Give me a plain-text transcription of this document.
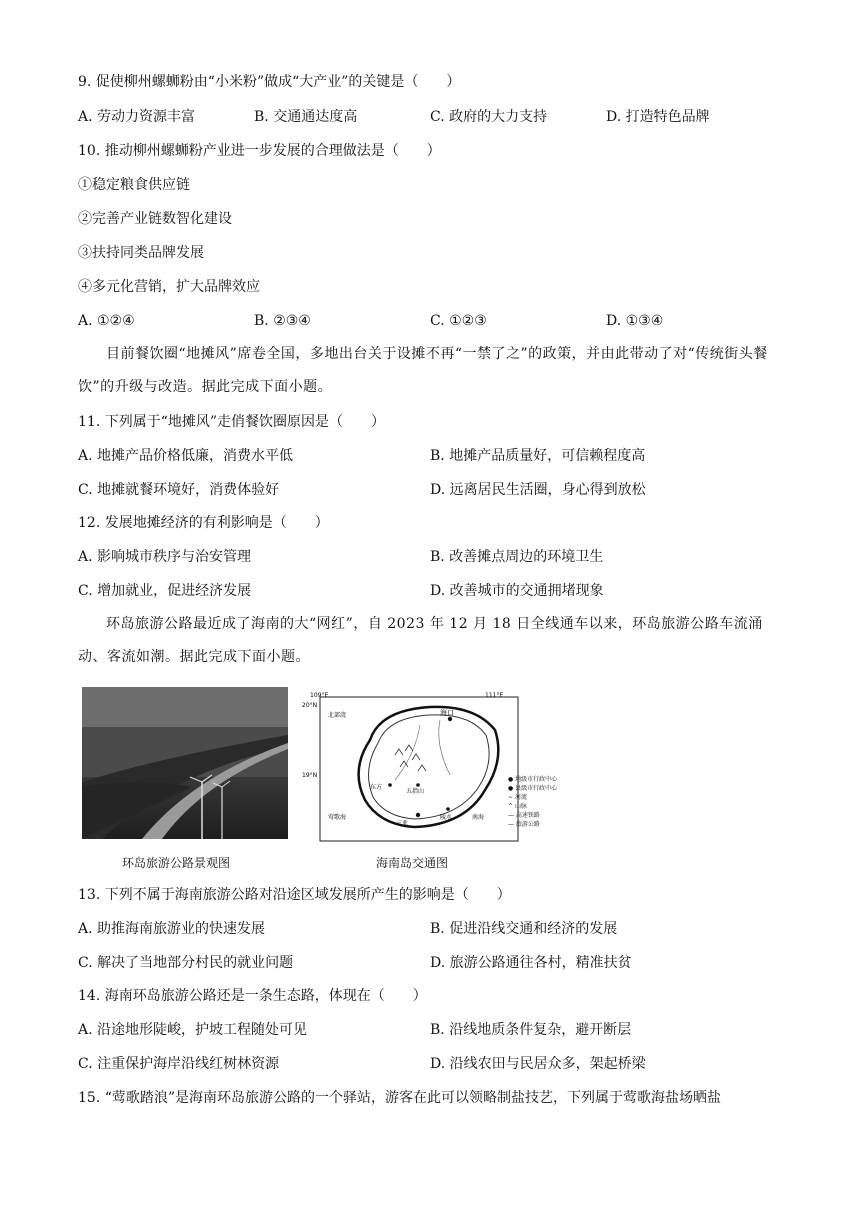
9. 促使柳州螺蛳粉由“小米粉”做成“大产业”的关键是（　　）
A. 劳动力资源丰富	B. 交通通达度高	C. 政府的大力支持	D. 打造特色品牌
10. 推动柳州螺蛳粉产业进一步发展的合理做法是（　　）
①稳定粮食供应链
②完善产业链数智化建设
③扶持同类品牌发展
④多元化营销，扩大品牌效应
A. ①②④	B. ②③④	C. ①②③	D. ①③④
目前餐饮圈“地摊风”席卷全国，多地出台关于设摊不再“一禁了之”的政策，并由此带动了对“传统街头餐饮”的升级与改造。据此完成下面小题。
11. 下列属于“地摊风”走俏餐饮圈原因是（　　）
A. 地摊产品价格低廉，消费水平低	B. 地摊产品质量好，可信赖程度高
C. 地摊就餐环境好，消费体验好	D. 远离居民生活圈，身心得到放松
12. 发展地摊经济的有利影响是（　　）
A. 影响城市秩序与治安管理	B. 改善摊点周边的环境卫生
C. 增加就业，促进经济发展	D. 改善城市的交通拥堵现象
环岛旅游公路最近成了海南的大“网红”，自 2023 年 12 月 18 日全线通车以来，环岛旅游公路车流涌动、客流如潮。据此完成下面小题。
环岛旅游公路景观图
109°E	111°E
20°N
19°N
海口
北部湾
东方
五指山
三亚
陵水
莺歌海	南海
● 地级市行政中心
● 县级市行政中心
~ 河流
^ 山脉
— 高速铁路
— 旅游公路
海南岛交通图
13. 下列不属于海南旅游公路对沿途区域发展所产生的影响是（　　）
A. 助推海南旅游业的快速发展	B. 促进沿线交通和经济的发展
C. 解决了当地部分村民的就业问题	D. 旅游公路通往各村，精准扶贫
14. 海南环岛旅游公路还是一条生态路，体现在（　　）
A. 沿途地形陡峻，护坡工程随处可见	B. 沿线地质条件复杂，避开断层
C. 注重保护海岸沿线红树林资源	D. 沿线农田与民居众多，架起桥梁
15. “莺歌踏浪”是海南环岛旅游公路的一个驿站，游客在此可以领略制盐技艺，下列属于莺歌海盐场晒盐
